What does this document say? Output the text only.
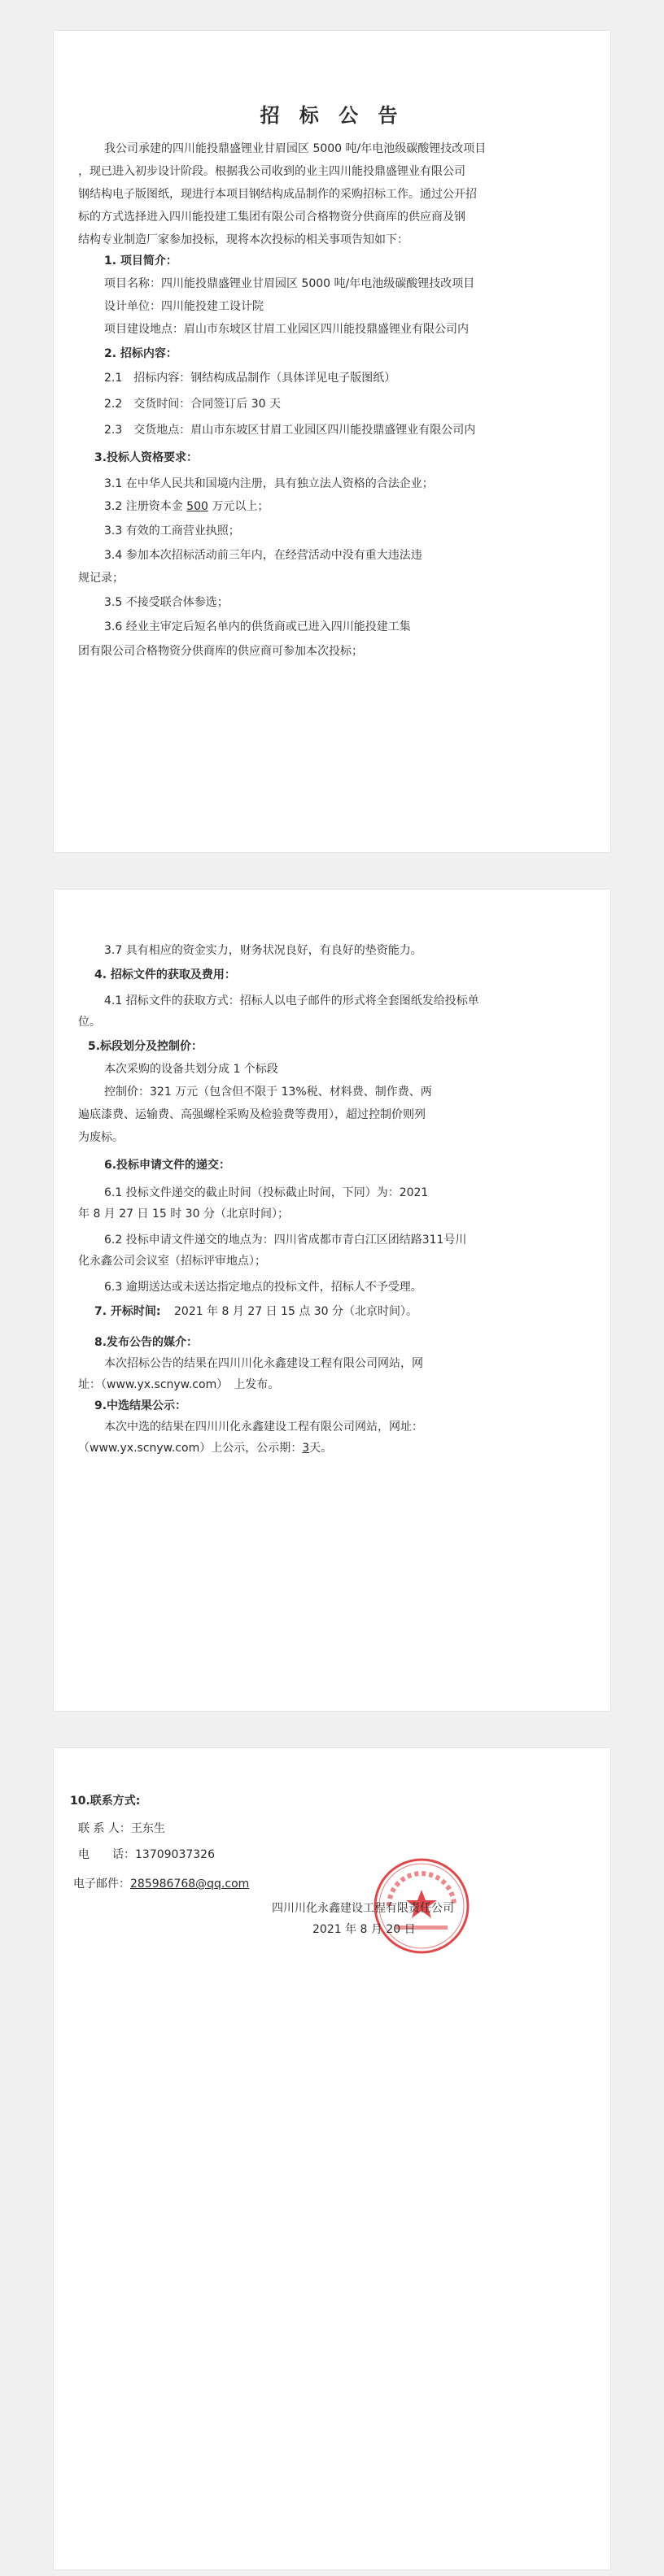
招 标 公 告
我公司承建的四川能投鼎盛锂业甘眉园区 5000 吨/年电池级碳酸锂技改项目
，现已进入初步设计阶段。根据我公司收到的业主四川能投鼎盛锂业有限公司
钢结构电子版图纸，现进行本项目钢结构成品制作的采购招标工作。通过公开招
标的方式选择进入四川能投建工集团有限公司合格物资分供商库的供应商及钢
结构专业制造厂家参加投标，现将本次投标的相关事项告知如下：
1. 项目简介：
项目名称：四川能投鼎盛锂业甘眉园区 5000 吨/年电池级碳酸锂技改项目
设计单位：四川能投建工设计院
项目建设地点：眉山市东坡区甘眉工业园区四川能投鼎盛锂业有限公司内
2. 招标内容：
2.1　招标内容：钢结构成品制作（具体详见电子版图纸）
2.2　交货时间：合同签订后 30 天
2.3　交货地点：眉山市东坡区甘眉工业园区四川能投鼎盛锂业有限公司内
3.投标人资格要求：
3.1 在中华人民共和国境内注册，具有独立法人资格的合法企业；
3.2 注册资本金 500 万元以上；
3.3 有效的工商营业执照；
3.4 参加本次招标活动前三年内，在经营活动中没有重大违法违
规记录；
3.5 不接受联合体参选；
3.6 经业主审定后短名单内的供货商或已进入四川能投建工集
团有限公司合格物资分供商库的供应商可参加本次投标；
3.7 具有相应的资金实力，财务状况良好，有良好的垫资能力。
4. 招标文件的获取及费用：
4.1 招标文件的获取方式：招标人以电子邮件的形式将全套图纸发给投标单
位。
5.标段划分及控制价：
本次采购的设备共划分成 1 个标段
控制价：321 万元（包含但不限于 13%税、材料费、制作费、两
遍底漆费、运输费、高强螺栓采购及检验费等费用），超过控制价则列
为废标。
6.投标申请文件的递交：
6.1 投标文件递交的截止时间（投标截止时间，下同）为：2021
年 8 月 27 日 15 时 30 分（北京时间）；
6.2 投标申请文件递交的地点为：四川省成都市青白江区团结路311号川
化永鑫公司会议室（招标评审地点）；
6.3 逾期送达或未送达指定地点的投标文件，招标人不予受理。
7. 开标时间: 2021 年 8 月 27 日 15 点 30 分（北京时间）。
8.发布公告的媒介：
本次招标公告的结果在四川川化永鑫建设工程有限公司网站，网
址：（www.yx.scnyw.com）　上发布。
9.中选结果公示：
本次中选的结果在四川川化永鑫建设工程有限公司网站，网址：
（www.yx.scnyw.com）上公示，公示期：3天。
10.联系方式:
联 系 人：王东生
电　　话：13709037326
电子邮件：285986768@qq.com
四川川化永鑫建设工程有限责任公司
2021 年 8 月 20 日
